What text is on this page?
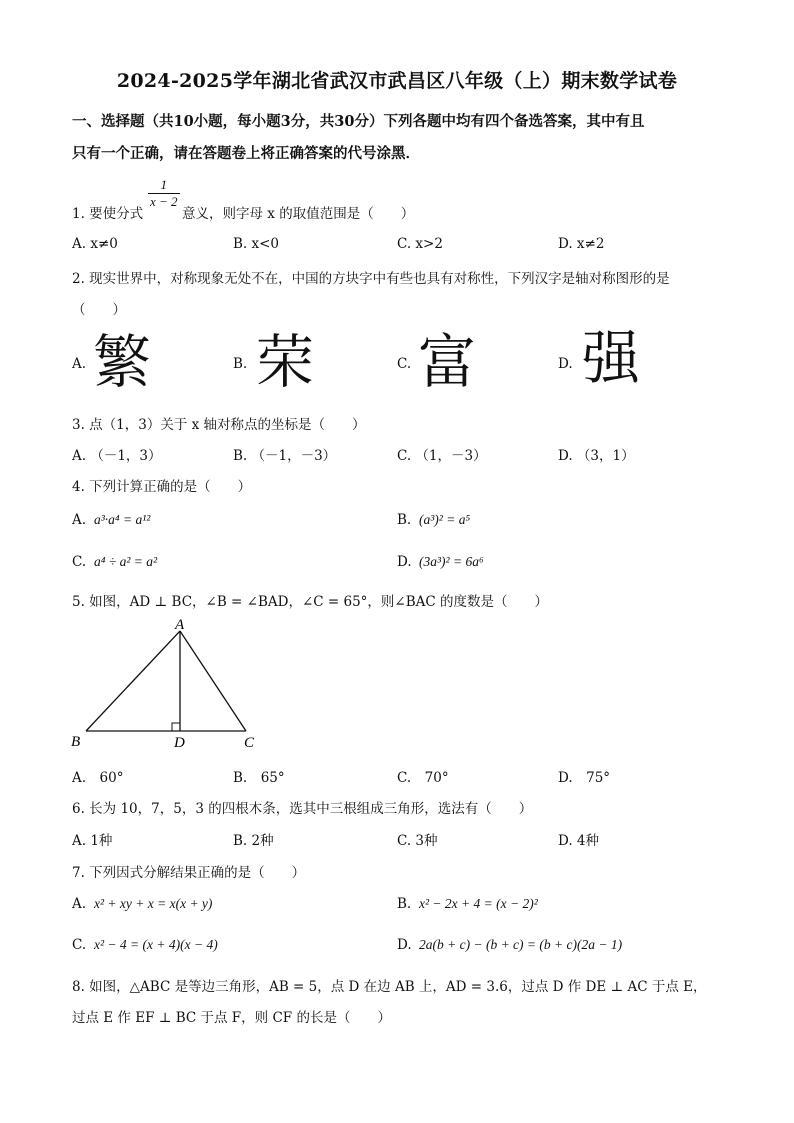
2024-2025学年湖北省武汉市武昌区八年级（上）期末数学试卷
一、选择题（共10小题，每小题3分，共30分）下列各题中均有四个备选答案，其中有且
只有一个正确，请在答题卷上将正确答案的代号涂黑．
1. 要使分式
$\frac{1}{x - 2}$
意义，则字母 x 的取值范围是（　　）
A. x≠0	B. x<0	C. x>2	D. x≠2
2. 现实世界中，对称现象无处不在，中国的方块字中有些也具有对称性，下列汉字是轴对称图形的是
（　　）
A. 繁	B. 荣	C. 富	D. 强
3. 点（1，3）关于 x 轴对称点的坐标是（　　）
A. （－1，3）	B. （－1，－3）	C. （1，－3）	D. （3，1）
4. 下列计算正确的是（　　）
A. a³·a⁴ = a¹²	B. (a³)² = a⁵
C. a⁴ ÷ a² = a²	D. (3a³)² = 6a⁶
5. 如图，AD ⊥ BC，∠B = ∠BAD，∠C = 65°，则∠BAC 的度数是（　　）
A
B	D	C
A.　60°	B.　65°	C.　70°	D.　75°
6. 长为 10，7，5，3 的四根木条，选其中三根组成三角形，选法有（　　）
A. 1种	B. 2种	C. 3种	D. 4种
7. 下列因式分解结果正确的是（　　）
A. x² + xy + x = x(x + y)	B. x² − 2x + 4 = (x − 2)²
C. x² − 4 = (x + 4)(x − 4)	D. 2a(b + c) − (b + c) = (b + c)(2a − 1)
8. 如图，△ABC 是等边三角形，AB = 5，点 D 在边 AB 上，AD = 3.6，过点 D 作 DE ⊥ AC 于点 E，
过点 E 作 EF ⊥ BC 于点 F，则 CF 的长是（　　）
